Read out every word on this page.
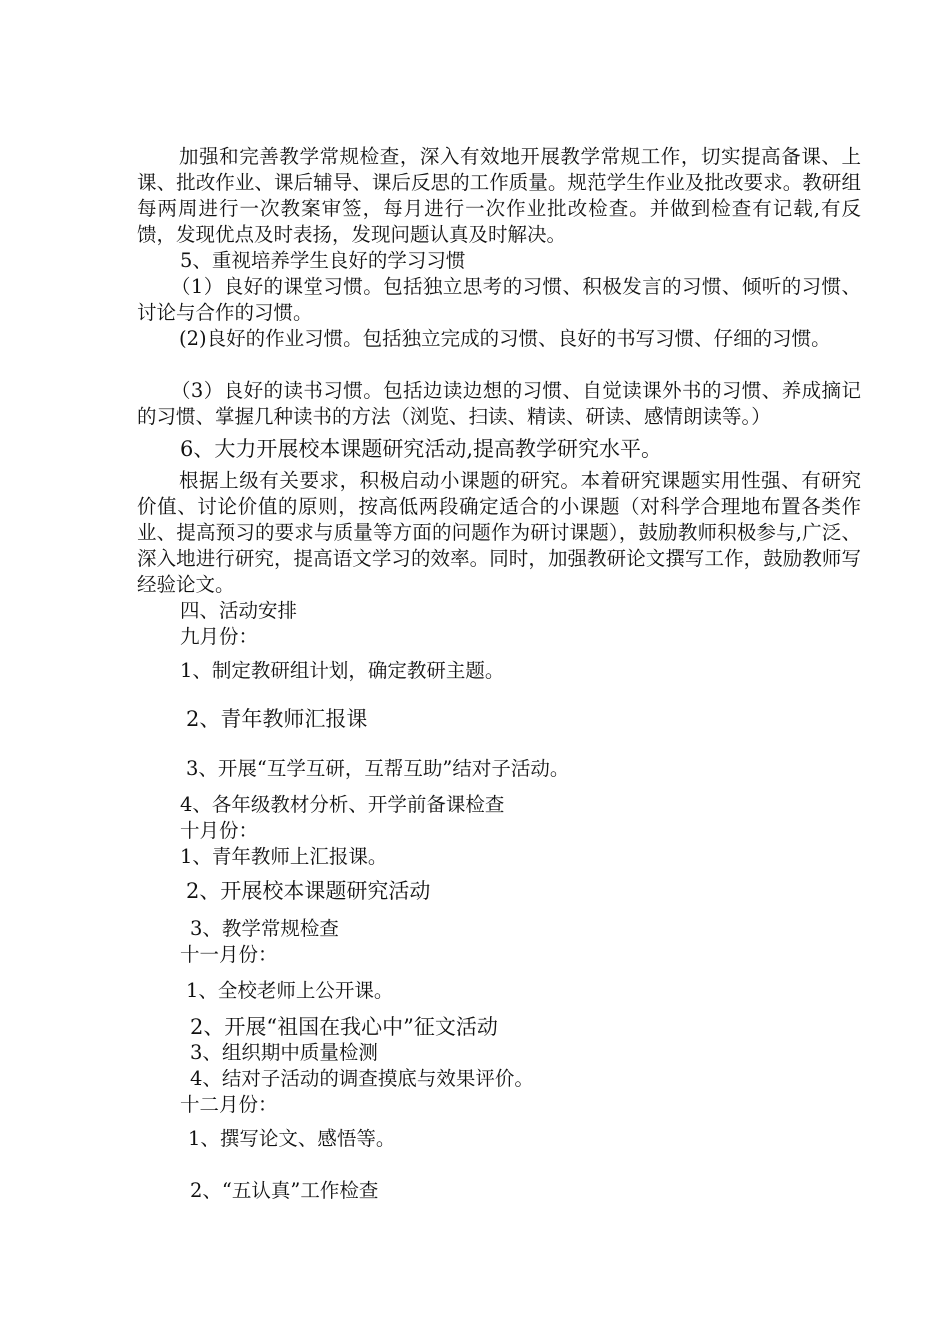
加强和完善教学常规检查，深入有效地开展教学常规工作，切实提高备课、上课、批改作业、课后辅导、课后反思的工作质量。规范学生作业及批改要求。教研组每两周进行一次教案审签，每月进行一次作业批改检查。并做到检查有记载,有反馈，发现优点及时表扬，发现问题认真及时解决。

5、重视培养学生良好的学习习惯

（1）良好的课堂习惯。包括独立思考的习惯、积极发言的习惯、倾听的习惯、讨论与合作的习惯。

(2)良好的作业习惯。包括独立完成的习惯、良好的书写习惯、仔细的习惯。

（3）良好的读书习惯。包括边读边想的习惯、自觉读课外书的习惯、养成摘记的习惯、掌握几种读书的方法（浏览、扫读、精读、研读、感情朗读等。）

6、大力开展校本课题研究活动,提高教学研究水平。

根据上级有关要求，积极启动小课题的研究。本着研究课题实用性强、有研究价值、讨论价值的原则，按高低两段确定适合的小课题（对科学合理地布置各类作业、提高预习的要求与质量等方面的问题作为研讨课题），鼓励教师积极参与,广泛、深入地进行研究，提高语文学习的效率。同时，加强教研论文撰写工作，鼓励教师写经验论文。

四、活动安排

九月份：

1、制定教研组计划，确定教研主题。

2、青年教师汇报课

3、开展“互学互研，互帮互助”结对子活动。

4、各年级教材分析、开学前备课检查

十月份：

1、青年教师上汇报课。

2、开展校本课题研究活动

3、教学常规检查

十一月份：

1、全校老师上公开课。

2、开展“祖国在我心中”征文活动

3、组织期中质量检测

4、结对子活动的调查摸底与效果评价。

十二月份：

1、撰写论文、感悟等。

2、“五认真”工作检查
